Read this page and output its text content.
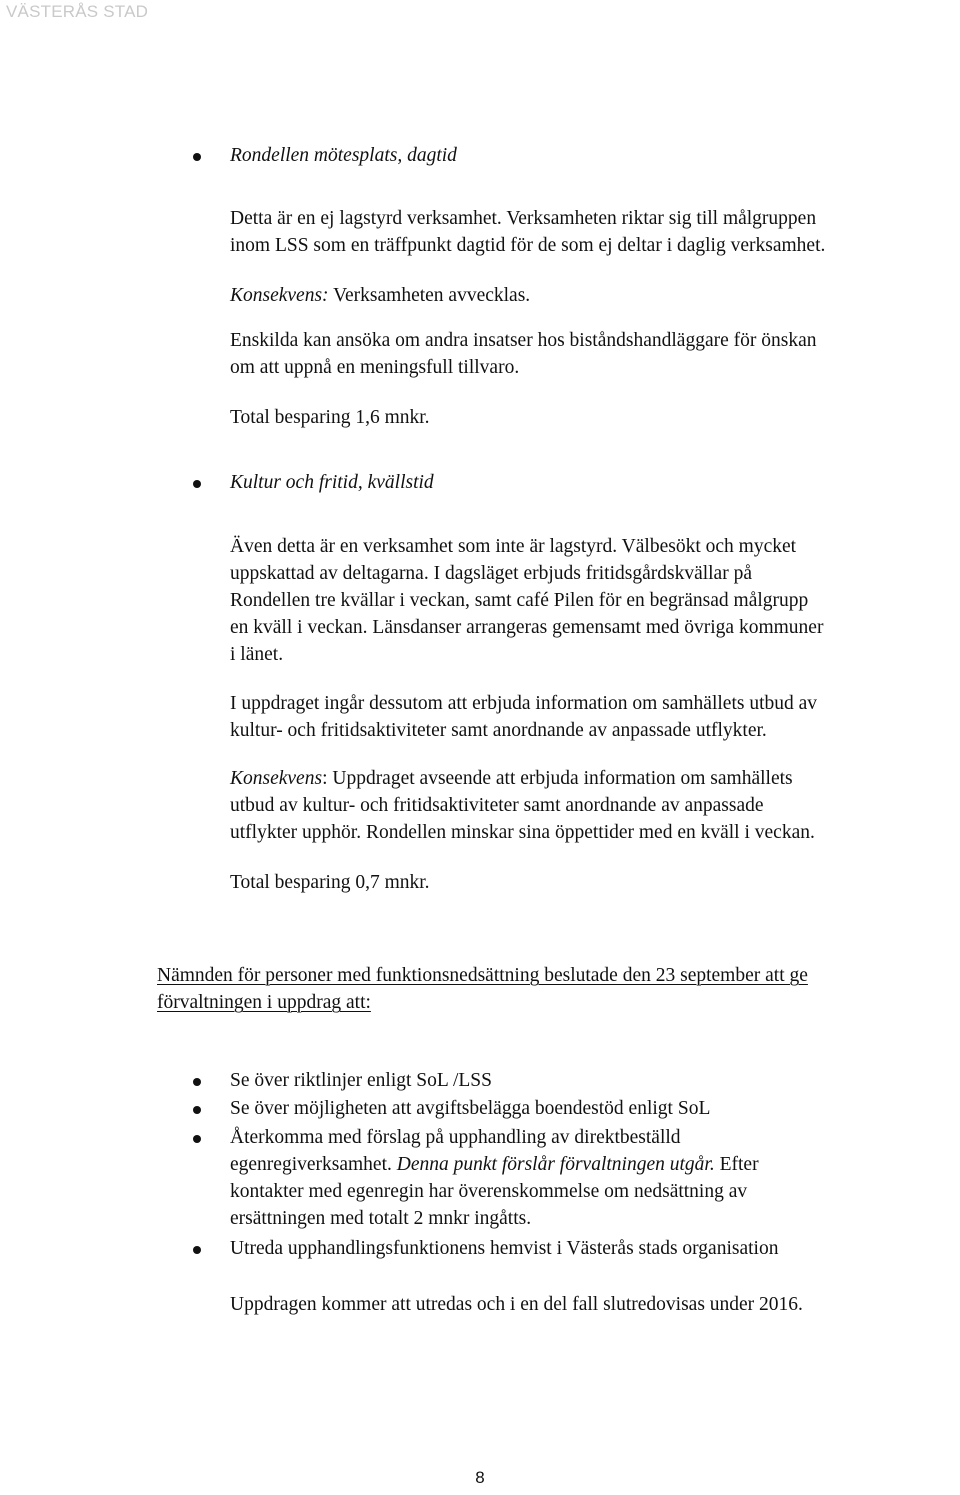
VÄSTERÅS STAD
Rondellen mötesplats, dagtid
Detta är en ej lagstyrd verksamhet. Verksamheten riktar sig till målgruppen
inom LSS som en träffpunkt dagtid för de som ej deltar i daglig verksamhet.
Konsekvens: Verksamheten avvecklas.
Enskilda kan ansöka om andra insatser hos biståndshandläggare för önskan
om att uppnå en meningsfull tillvaro.
Total besparing 1,6 mnkr.
Kultur och fritid, kvällstid
Även detta är en verksamhet som inte är lagstyrd. Välbesökt och mycket
uppskattad av deltagarna. I dagsläget erbjuds fritidsgårdskvällar på
Rondellen tre kvällar i veckan, samt café Pilen för en begränsad målgrupp
en kväll i veckan. Länsdanser arrangeras gemensamt med övriga kommuner
i länet.
I uppdraget ingår dessutom att erbjuda information om samhällets utbud av
kultur- och fritidsaktiviteter samt anordnande av anpassade utflykter.
Konsekvens: Uppdraget avseende att erbjuda information om samhällets
utbud av kultur- och fritidsaktiviteter samt anordnande av anpassade
utflykter upphör. Rondellen minskar sina öppettider med en kväll i veckan.
Total besparing 0,7 mnkr.
Nämnden för personer med funktionsnedsättning beslutade den 23 september att ge
förvaltningen i uppdrag att:
Se över riktlinjer enligt SoL /LSS
Se över möjligheten att avgiftsbelägga boendestöd enligt SoL
Återkomma med förslag på upphandling av direktbeställd
egenregiverksamhet. Denna punkt förslår förvaltningen utgår. Efter
kontakter med egenregin har överenskommelse om nedsättning av
ersättningen med totalt 2 mnkr ingåtts.
Utreda upphandlingsfunktionens hemvist i Västerås stads organisation
Uppdragen kommer att utredas och i en del fall slutredovisas under 2016.
8
